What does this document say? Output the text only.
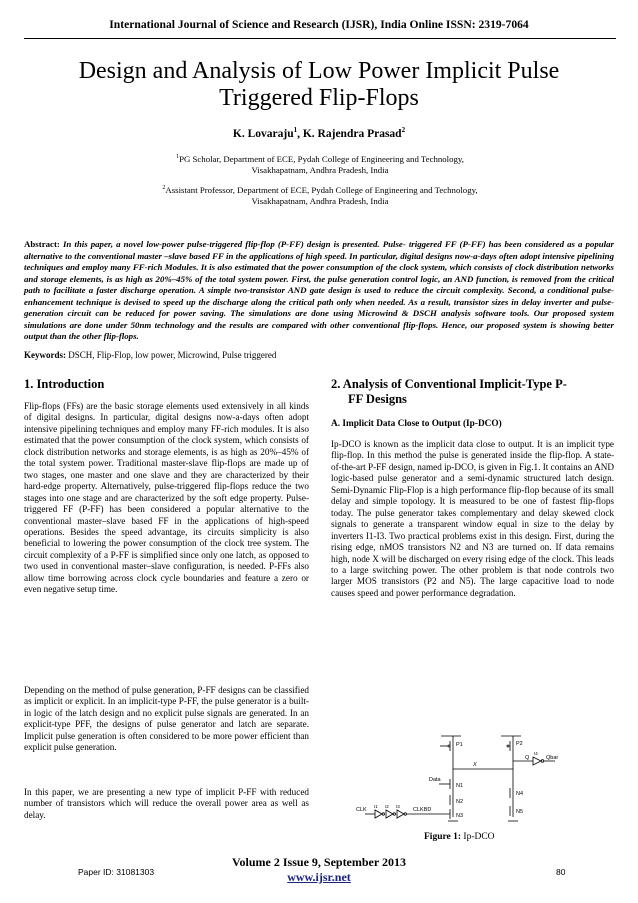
International Journal of Science and Research (IJSR), India Online ISSN: 2319-7064
Design and Analysis of Low Power Implicit Pulse
Triggered Flip-Flops
K. Lovaraju$^1$, K. Rajendra Prasad$^2$
$^1$PG Scholar, Department of ECE, Pydah College of Engineering and Technology,
Visakhapatnam, Andhra Pradesh, India
$^2$Assistant Professor, Department of ECE, Pydah College of Engineering and Technology,
Visakhapatnam, Andhra Pradesh, India
Abstract: In this paper, a novel low-power pulse-triggered flip-flop (P-FF) design is presented. Pulse- triggered FF (P-FF) has been considered as a popular alternative to the conventional master –slave based FF in the applications of high speed. In particular, digital designs now-a-days often adopt intensive pipelining techniques and employ many FF-rich Modules. It is also estimated that the power consumption of the clock system, which consists of clock distribution networks and storage elements, is as high as 20%–45% of the total system power. First, the pulse generation control logic, an AND function, is removed from the critical path to facilitate a faster discharge operation. A simple two-transistor AND gate design is used to reduce the circuit complexity. Second, a conditional pulse-enhancement technique is devised to speed up the discharge along the critical path only when needed. As a result, transistor sizes in delay inverter and pulse-generation circuit can be reduced for power saving. The simulations are done using Microwind & DSCH analysis software tools. Our proposed system simulations are done under 50nm technology and the results are compared with other conventional flip-flops. Hence, our proposed system is showing better output than the other flip-flops.
Keywords: DSCH, Flip-Flop, low power, Microwind, Pulse triggered
1. Introduction
Flip-flops (FFs) are the basic storage elements used extensively in all kinds of digital designs. In particular, digital designs now-a-days often adopt intensive pipelining techniques and employ many FF-rich modules. It is also estimated that the power consumption of the clock system, which consists of clock distribution networks and storage elements, is as high as 20%–45% of the total system power. Traditional master-slave flip-flops are made up of two stages, one master and one slave and they are characterized by their hard-edge property. Alternatively, pulse-triggered flip-flops reduce the two stages into one stage and are characterized by the soft edge property. Pulse-triggered FF (P-FF) has been considered a popular alternative to the conventional master–slave based FF in the applications of high-speed operations. Besides the speed advantage, its circuits simplicity is also beneficial to lowering the power consumption of the clock tree system. The circuit complexity of a P-FF is simplified since only one latch, as opposed to two used in conventional master–slave configuration, is needed. P-FFs also allow time borrowing across clock cycle boundaries and feature a zero or even negative setup time.
Depending on the method of pulse generation, P-FF designs can be classified as implicit or explicit. In an implicit-type P-FF, the pulse generator is a built-in logic of the latch design and no explicit pulse signals are generated. In an explicit-type PFF, the designs of pulse generator and latch are separate. Implicit pulse generation is often considered to be more power efficient than explicit pulse generation.
In this paper, we are presenting a new type of implicit P-FF with reduced number of transistors which will reduce the overall power area as well as delay.
2. Analysis of Conventional Implicit-Type P-
FF Designs
A. Implicit Data Close to Output (Ip-DCO)
Ip-DCO is known as the implicit data close to output. It is an implicit type flip-flop. In this method the pulse is generated inside the flip-flop. A state-of-the-art P-FF design, named ip-DCO, is given in Fig.1. It contains an AND logic-based pulse generator and a semi-dynamic structured latch design. Semi-Dynamic Flip-Flop is a high performance flip-flop because of its small delay and simple topology. It is measured to be one of fastest flip-flops today. The pulse generator takes complementary and delay skewed clock signals to generate a transparent window equal in size to the delay by inverters I1-I3. Two practical problems exist in this design. First, during the rising edge, nMOS transistors N2 and N3 are turned on. If data remains high, node X will be discharged on every rising edge of the clock. This leads to a large switching power. The other problem is that node controls two larger MOS transistors (P2 and N5). The large capacitive load to node causes speed and power performance degradation.
P1	P2
N1
N2
N3
N4
N5
X
Q
I4
Qbar
Data
CLK
I1 I2 I3
CLKBD
Figure 1: Ip-DCO
Volume 2 Issue 9, September 2013
www.ijsr.net
Paper ID: 31081303	80
